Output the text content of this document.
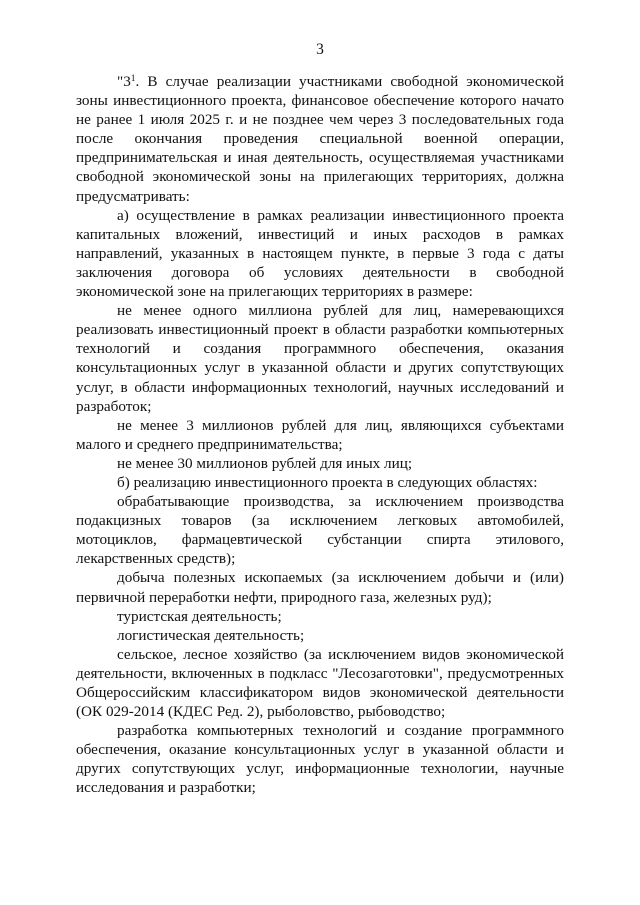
3

"$3^1$. В случае реализации участниками свободной экономической зоны инвестиционного проекта, финансовое обеспечение которого начато не ранее 1 июля 2025 г. и не позднее чем через 3 последовательных года после окончания проведения специальной военной операции, предпринимательская и иная деятельность, осуществляемая участниками свободной экономической зоны на прилегающих территориях, должна предусматривать:

а) осуществление в рамках реализации инвестиционного проекта капитальных вложений, инвестиций и иных расходов в рамках направлений, указанных в настоящем пункте, в первые 3 года с даты заключения договора об условиях деятельности в свободной экономической зоне на прилегающих территориях в размере:

не менее одного миллиона рублей для лиц, намеревающихся реализовать инвестиционный проект в области разработки компьютерных технологий и создания программного обеспечения, оказания консультационных услуг в указанной области и других сопутствующих услуг, в области информационных технологий, научных исследований и разработок;

не менее 3 миллионов рублей для лиц, являющихся субъектами малого и среднего предпринимательства;

не менее 30 миллионов рублей для иных лиц;

б) реализацию инвестиционного проекта в следующих областях:

обрабатывающие производства, за исключением производства подакцизных товаров (за исключением легковых автомобилей, мотоциклов, фармацевтической субстанции спирта этилового, лекарственных средств);

добыча полезных ископаемых (за исключением добычи и (или) первичной переработки нефти, природного газа, железных руд);

туристская деятельность;

логистическая деятельность;

сельское, лесное хозяйство (за исключением видов экономической деятельности, включенных в подкласс "Лесозаготовки", предусмотренных Общероссийским классификатором видов экономической деятельности (ОК 029-2014 (КДЕС Ред. 2), рыболовство, рыбоводство;

разработка компьютерных технологий и создание программного обеспечения, оказание консультационных услуг в указанной области и других сопутствующих услуг, информационные технологии, научные исследования и разработки;
